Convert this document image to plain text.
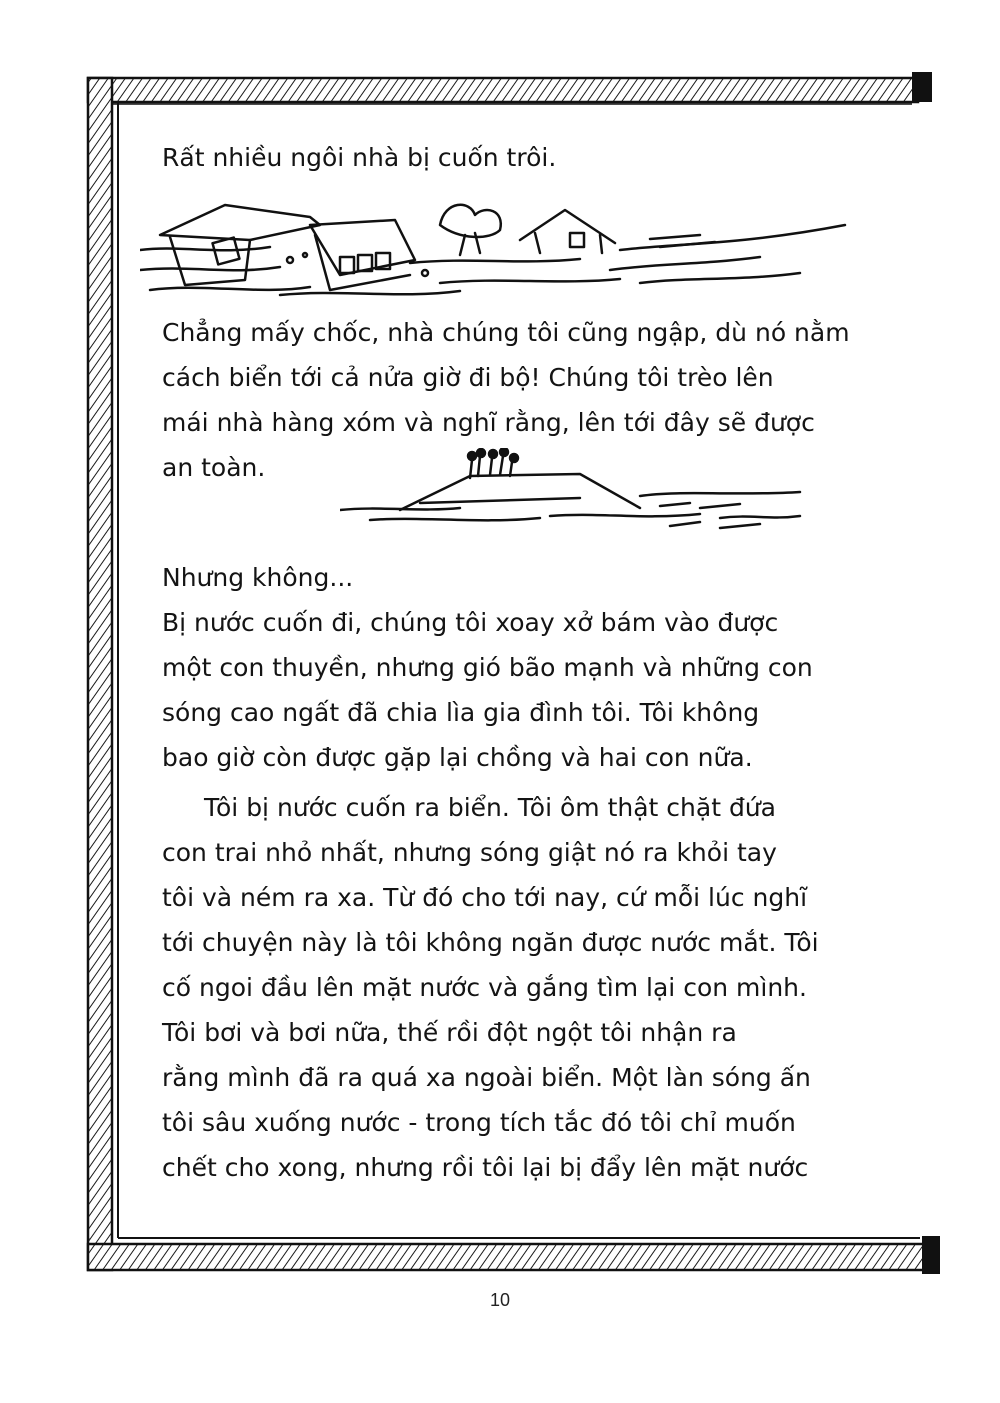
Rất nhiều ngôi nhà bị cuốn trôi.

Chẳng mấy chốc, nhà chúng tôi cũng ngập, dù nó nằm

cách biển tới cả nửa giờ đi bộ! Chúng tôi trèo lên

mái nhà hàng xóm và nghĩ rằng, lên tới đây sẽ được

an toàn.

Nhưng không...

Bị nước cuốn đi, chúng tôi xoay xở bám vào được

một con thuyền, nhưng gió bão mạnh và những con

sóng cao ngất đã chia lìa gia đình tôi. Tôi không

bao giờ còn được gặp lại chồng và hai con nữa.

Tôi bị nước cuốn ra biển. Tôi ôm thật chặt đứa

con trai nhỏ nhất, nhưng sóng giật nó ra khỏi tay

tôi và ném ra xa. Từ đó cho tới nay, cứ mỗi lúc nghĩ

tới chuyện này là tôi không ngăn được nước mắt. Tôi

cố ngoi đầu lên mặt nước và gắng tìm lại con mình.

Tôi bơi và bơi nữa, thế rồi đột ngột tôi nhận ra

rằng mình đã ra quá xa ngoài biển. Một làn sóng ấn

tôi sâu xuống nước - trong tích tắc đó tôi chỉ muốn

chết cho xong, nhưng rồi tôi lại bị đẩy lên mặt nước

10
